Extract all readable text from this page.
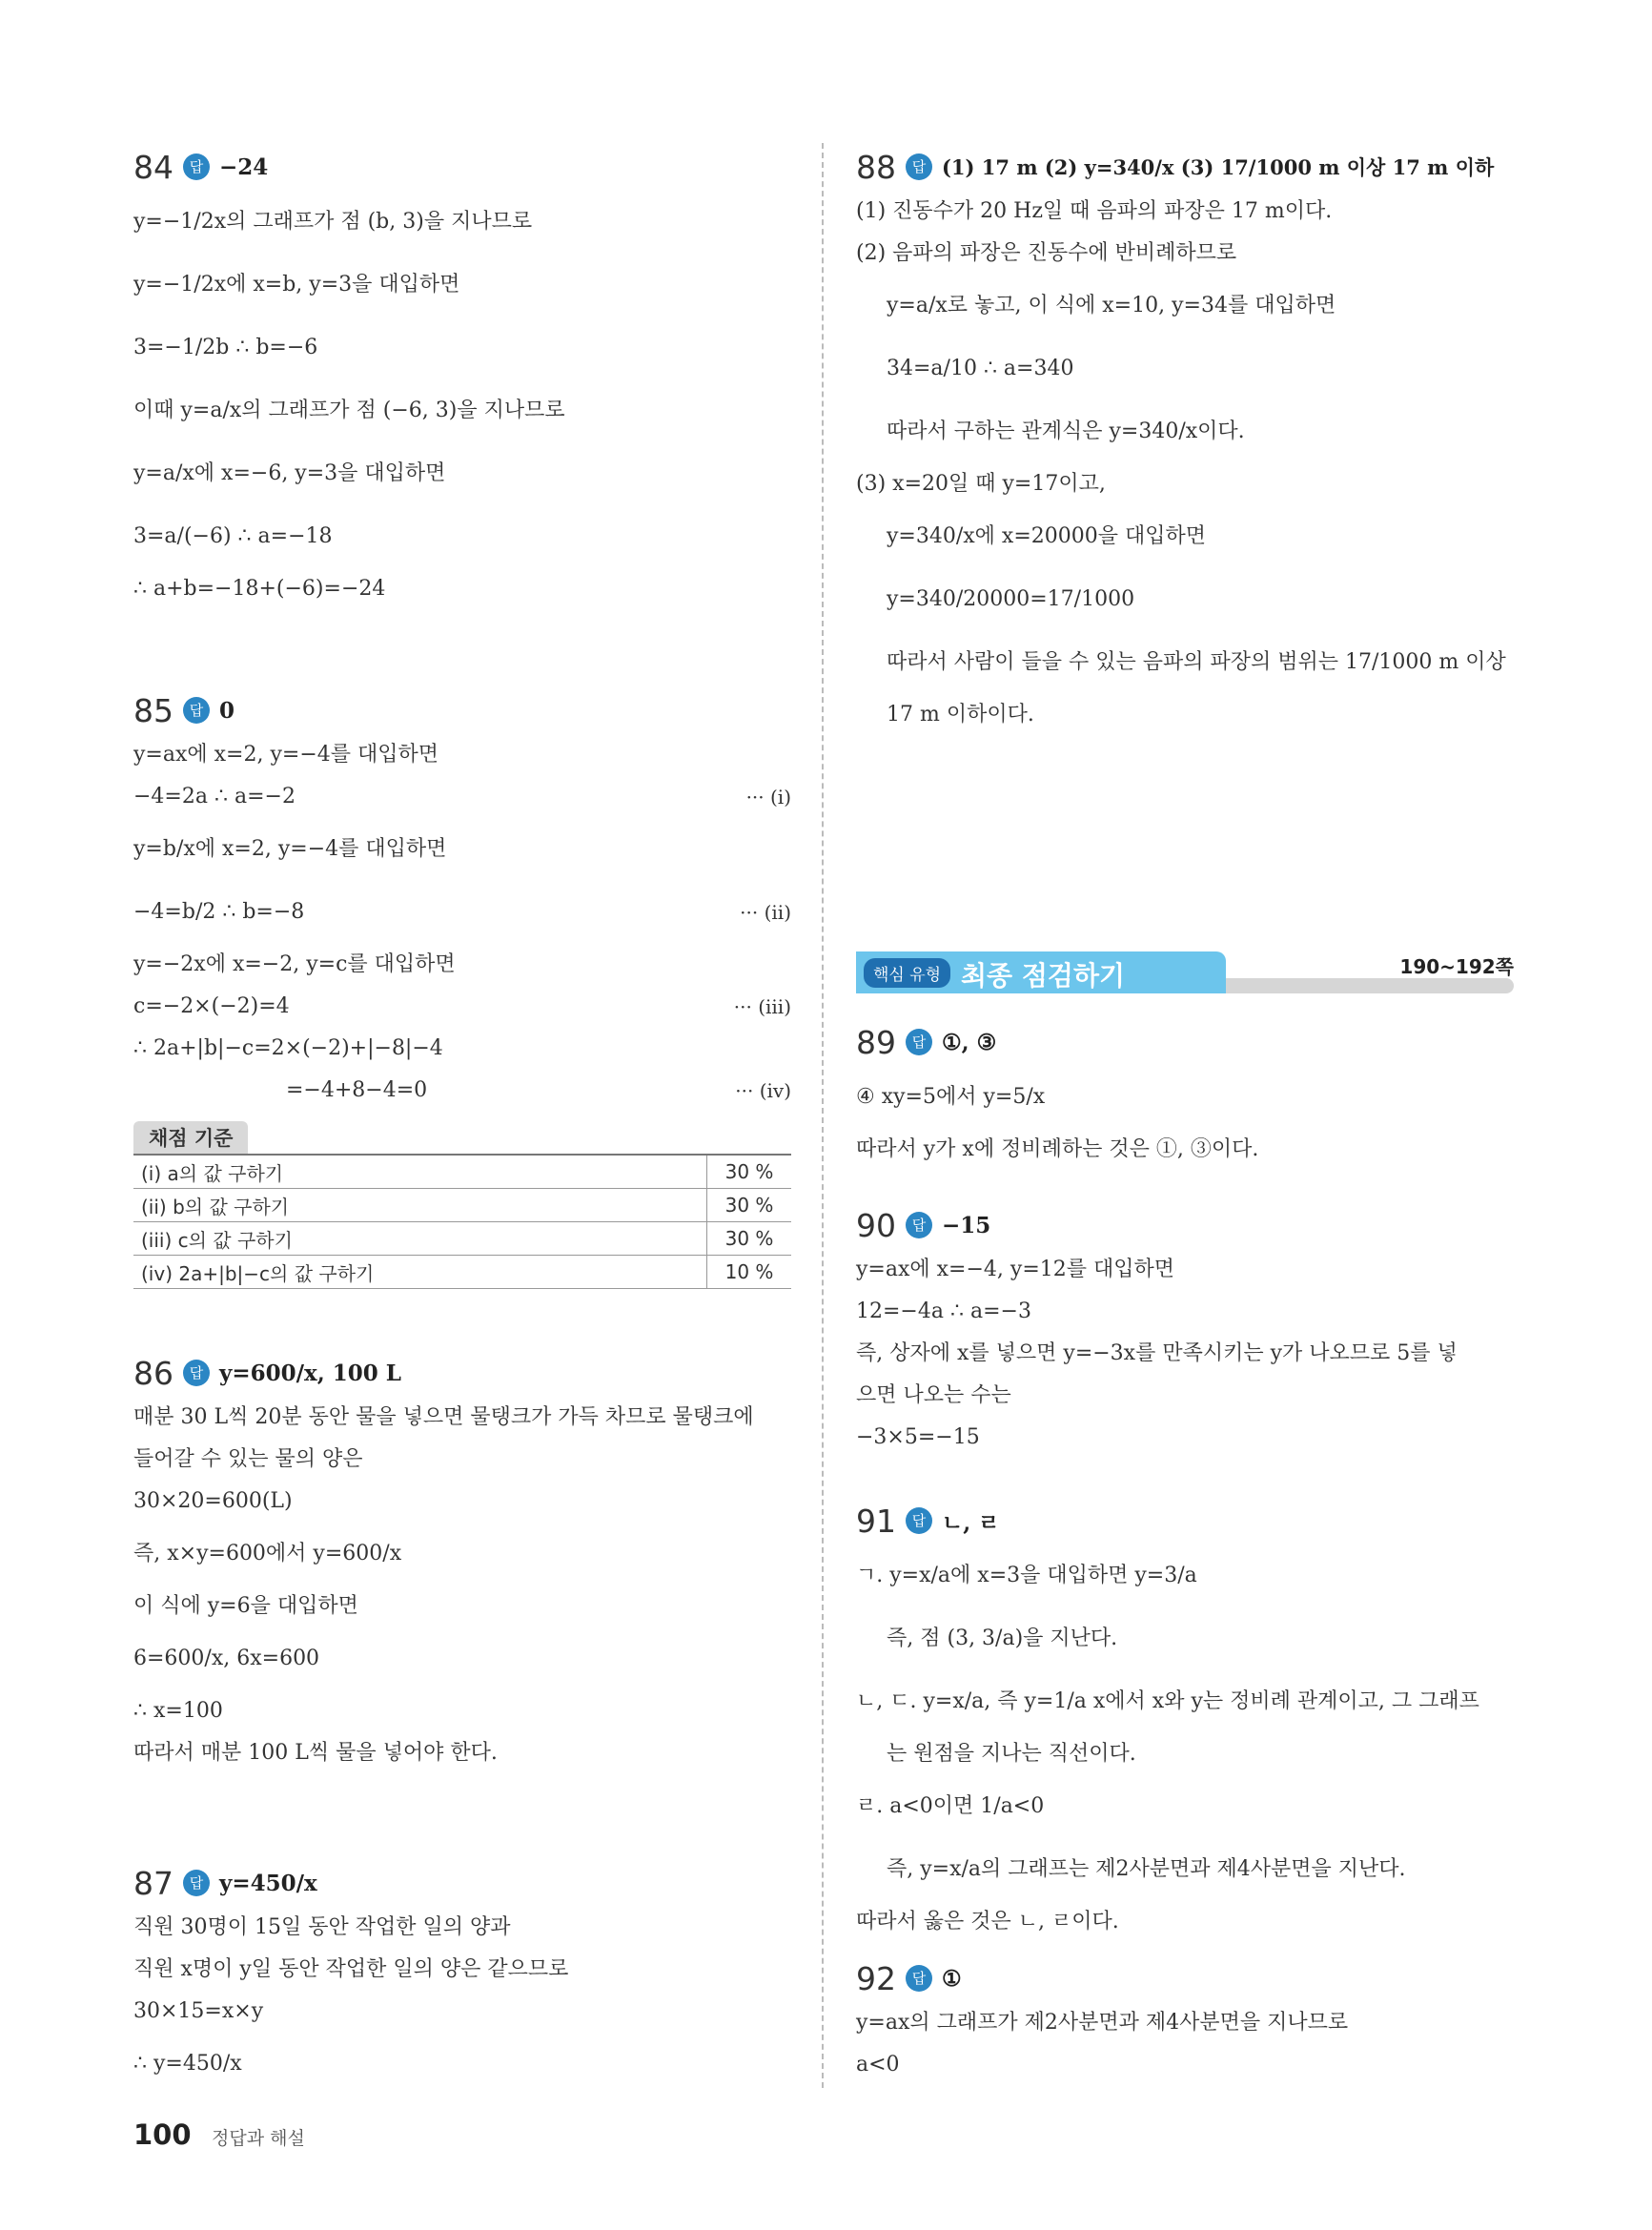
84	답 −24
y=−1/2x의 그래프가 점 (b, 3)을 지나므로
y=−1/2x에 x=b, y=3을 대입하면
3=−1/2b ∴ b=−6
이때 y=a/x의 그래프가 점 (−6, 3)을 지나므로
y=a/x에 x=−6, y=3을 대입하면
3=a/(−6) ∴ a=−18
∴ a+b=−18+(−6)=−24
85	답 0
y=ax에 x=2, y=−4를 대입하면
−4=2a ∴ a=−2	··· (i)
y=b/x에 x=2, y=−4를 대입하면
−4=b/2 ∴ b=−8	··· (ii)
y=−2x에 x=−2, y=c를 대입하면
c=−2×(−2)=4	··· (iii)
∴ 2a+|b|−c=2×(−2)+|−8|−4
=−4+8−4=0	··· (iv)
채점 기준
(i) a의 값 구하기	30 %
(ii) b의 값 구하기	30 %
(iii) c의 값 구하기	30 %
(iv) 2a+|b|−c의 값 구하기	10 %
86	답 y=600/x, 100 L
매분 30 L씩 20분 동안 물을 넣으면 물탱크가 가득 차므로 물탱크에
들어갈 수 있는 물의 양은
30×20=600(L)
즉, x×y=600에서 y=600/x
이 식에 y=6을 대입하면
6=600/x, 6x=600
∴ x=100
따라서 매분 100 L씩 물을 넣어야 한다.
87	답 y=450/x
직원 30명이 15일 동안 작업한 일의 양과
직원 x명이 y일 동안 작업한 일의 양은 같으므로
30×15=x×y
∴ y=450/x
88	답 (1) 17 m (2) y=340/x (3) 17/1000 m 이상 17 m 이하
(1) 진동수가 20 Hz일 때 음파의 파장은 17 m이다.
(2) 음파의 파장은 진동수에 반비례하므로
y=a/x로 놓고, 이 식에 x=10, y=34를 대입하면
34=a/10 ∴ a=340
따라서 구하는 관계식은 y=340/x이다.
(3) x=20일 때 y=17이고,
y=340/x에 x=20000을 대입하면
y=340/20000=17/1000
따라서 사람이 들을 수 있는 음파의 파장의 범위는 17/1000 m 이상
17 m 이하이다.
핵심 유형 최종 점검하기	190~192쪽
89	답 ①, ③
④ xy=5에서 y=5/x
따라서 y가 x에 정비례하는 것은 ①, ③이다.
90	답 −15
y=ax에 x=−4, y=12를 대입하면
12=−4a ∴ a=−3
즉, 상자에 x를 넣으면 y=−3x를 만족시키는 y가 나오므로 5를 넣
으면 나오는 수는
−3×5=−15
91	답 ㄴ, ㄹ
ㄱ. y=x/a에 x=3을 대입하면 y=3/a
즉, 점 (3, 3/a)을 지난다.
ㄴ, ㄷ. y=x/a, 즉 y=1/a x에서 x와 y는 정비례 관계이고, 그 그래프
는 원점을 지나는 직선이다.
ㄹ. a<0이면 1/a<0
즉, y=x/a의 그래프는 제2사분면과 제4사분면을 지난다.
따라서 옳은 것은 ㄴ, ㄹ이다.
92	답 ①
y=ax의 그래프가 제2사분면과 제4사분면을 지나므로
a<0
100 정답과 해설
